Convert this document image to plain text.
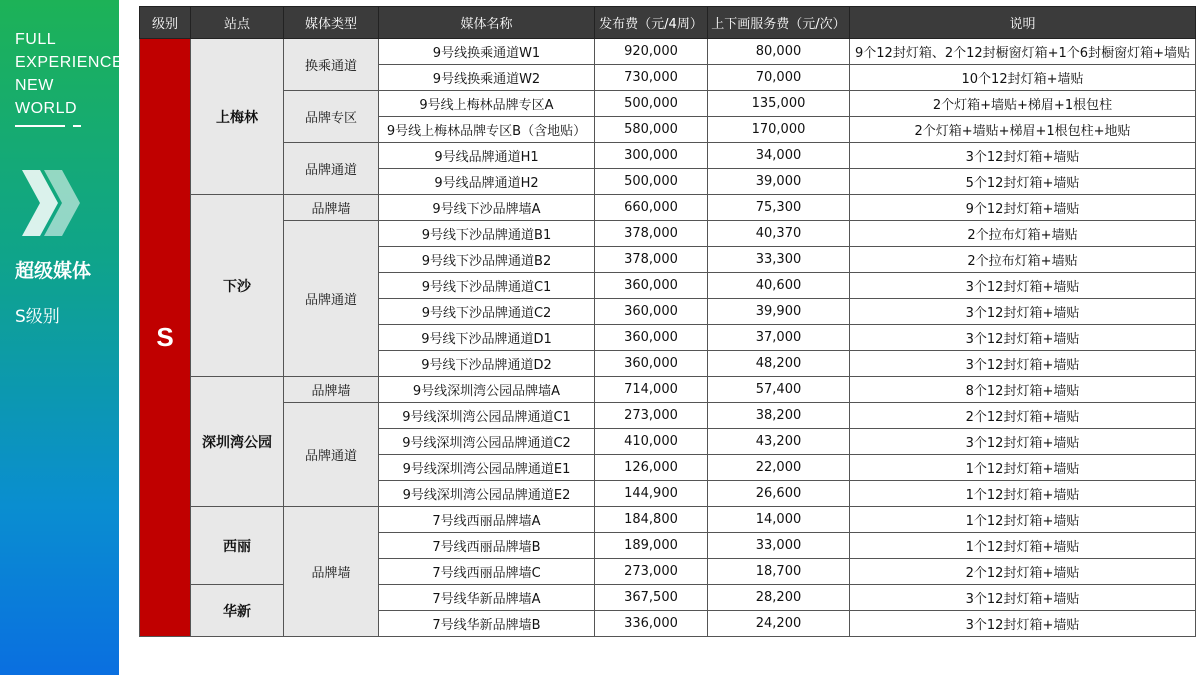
FULL
EXPERIENCE
NEW
WORLD
超级媒体
S级别
级别	站点	媒体类型	媒体名称	发布费（元/4周）	上下画服务费（元/次）	说明
S	上梅林	换乘通道	9号线换乘通道W1	920,000	80,000	9个12封灯箱、2个12封橱窗灯箱+1个6封橱窗灯箱+墙贴
			9号线换乘通道W2	730,000	70,000	10个12封灯箱+墙贴
		品牌专区	9号线上梅林品牌专区A	500,000	135,000	2个灯箱+墙贴+梯眉+1根包柱
			9号线上梅林品牌专区B（含地贴）	580,000	170,000	2个灯箱+墙贴+梯眉+1根包柱+地贴
		品牌通道	9号线品牌通道H1	300,000	34,000	3个12封灯箱+墙贴
			9号线品牌通道H2	500,000	39,000	5个12封灯箱+墙贴
	下沙	品牌墙	9号线下沙品牌墙A	660,000	75,300	9个12封灯箱+墙贴
		品牌通道	9号线下沙品牌通道B1	378,000	40,370	2个拉布灯箱+墙贴
			9号线下沙品牌通道B2	378,000	33,300	2个拉布灯箱+墙贴
			9号线下沙品牌通道C1	360,000	40,600	3个12封灯箱+墙贴
			9号线下沙品牌通道C2	360,000	39,900	3个12封灯箱+墙贴
			9号线下沙品牌通道D1	360,000	37,000	3个12封灯箱+墙贴
			9号线下沙品牌通道D2	360,000	48,200	3个12封灯箱+墙贴
	深圳湾公园	品牌墙	9号线深圳湾公园品牌墙A	714,000	57,400	8个12封灯箱+墙贴
		品牌通道	9号线深圳湾公园品牌通道C1	273,000	38,200	2个12封灯箱+墙贴
			9号线深圳湾公园品牌通道C2	410,000	43,200	3个12封灯箱+墙贴
			9号线深圳湾公园品牌通道E1	126,000	22,000	1个12封灯箱+墙贴
			9号线深圳湾公园品牌通道E2	144,900	26,600	1个12封灯箱+墙贴
	西丽	品牌墙	7号线西丽品牌墙A	184,800	14,000	1个12封灯箱+墙贴
			7号线西丽品牌墙B	189,000	33,000	1个12封灯箱+墙贴
			7号线西丽品牌墙C	273,000	18,700	2个12封灯箱+墙贴
	华新		7号线华新品牌墙A	367,500	28,200	3个12封灯箱+墙贴
			7号线华新品牌墙B	336,000	24,200	3个12封灯箱+墙贴
